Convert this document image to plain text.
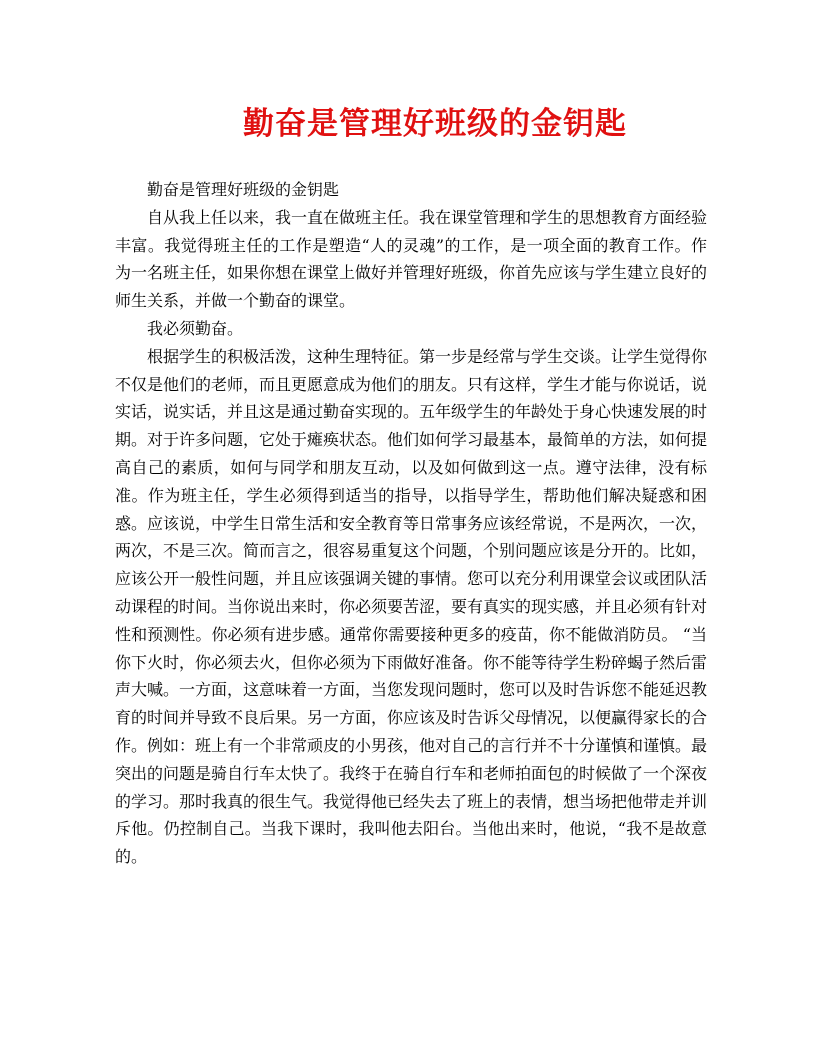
勤奋是管理好班级的金钥匙

勤奋是管理好班级的金钥匙

自从我上任以来，我一直在做班主任。我在课堂管理和学生的思想教育方面经验丰富。我觉得班主任的工作是塑造“人的灵魂”的工作，是一项全面的教育工作。作为一名班主任，如果你想在课堂上做好并管理好班级，你首先应该与学生建立良好的师生关系，并做一个勤奋的课堂。

我必须勤奋。

根据学生的积极活泼，这种生理特征。第一步是经常与学生交谈。让学生觉得你不仅是他们的老师，而且更愿意成为他们的朋友。只有这样，学生才能与你说话，说实话，说实话，并且这是通过勤奋实现的。五年级学生的年龄处于身心快速发展的时期。对于许多问题，它处于瘫痪状态。他们如何学习最基本，最简单的方法，如何提高自己的素质，如何与同学和朋友互动，以及如何做到这一点。遵守法律，没有标准。作为班主任，学生必须得到适当的指导，以指导学生，帮助他们解决疑惑和困惑。应该说，中学生日常生活和安全教育等日常事务应该经常说，不是两次，一次，两次，不是三次。简而言之，很容易重复这个问题，个别问题应该是分开的。比如，应该公开一般性问题，并且应该强调关键的事情。您可以充分利用课堂会议或团队活动课程的时间。当你说出来时，你必须要苦涩，要有真实的现实感，并且必须有针对性和预测性。你必须有进步感。通常你需要接种更多的疫苗，你不能做消防员。 “当你下火时，你必须去火，但你必须为下雨做好准备。你不能等待学生粉碎蝎子然后雷声大喊。一方面，这意味着一方面，当您发现问题时，您可以及时告诉您不能延迟教育的时间并导致不良后果。另一方面，你应该及时告诉父母情况，以便赢得家长的合作。例如：班上有一个非常顽皮的小男孩，他对自己的言行并不十分谨慎和谨慎。最突出的问题是骑自行车太快了。我终于在骑自行车和老师拍面包的时候做了一个深夜的学习。那时我真的很生气。我觉得他已经失去了班上的表情，想当场把他带走并训斥他。仍控制自己。当我下课时，我叫他去阳台。当他出来时，他说，“我不是故意的。
